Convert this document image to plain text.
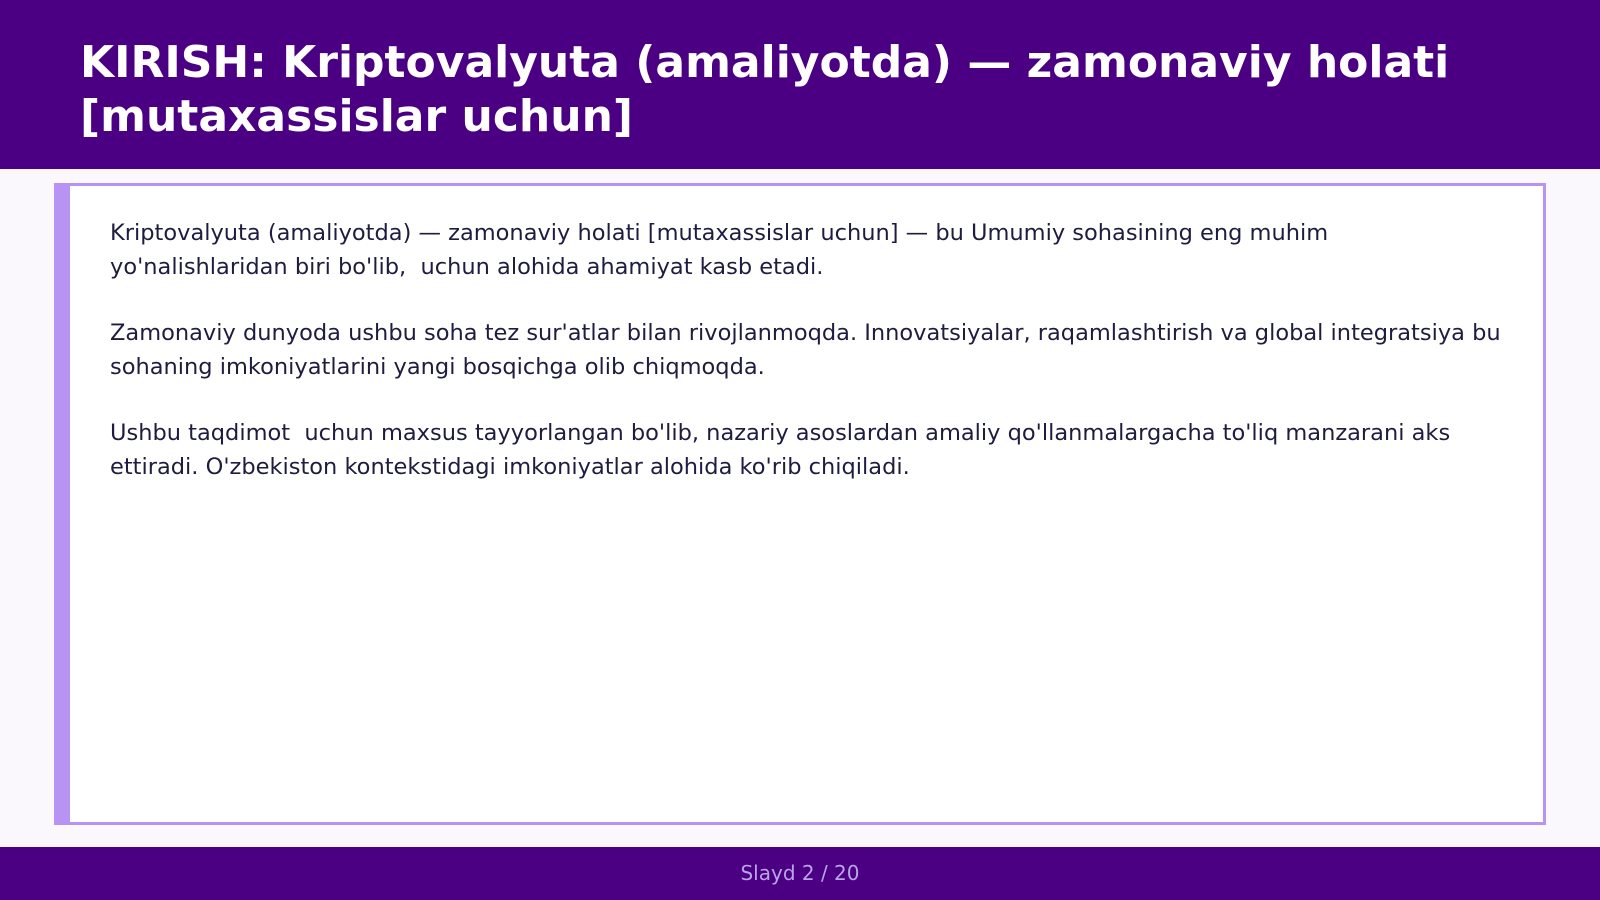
KIRISH: Kriptovalyuta (amaliyotda) — zamonaviy holati [mutaxassislar uchun]

Kriptovalyuta (amaliyotda) — zamonaviy holati [mutaxassislar uchun] — bu Umumiy sohasining eng muhim yo'nalishlaridan biri bo'lib,  uchun alohida ahamiyat kasb etadi.

Zamonaviy dunyoda ushbu soha tez sur'atlar bilan rivojlanmoqda. Innovatsiyalar, raqamlashtirish va global integratsiya bu sohaning imkoniyatlarini yangi bosqichga olib chiqmoqda.

Ushbu taqdimot  uchun maxsus tayyorlangan bo'lib, nazariy asoslardan amaliy qo'llanmalargacha to'liq manzarani aks ettiradi. O'zbekiston kontekstidagi imkoniyatlar alohida ko'rib chiqiladi.

Slayd 2 / 20
